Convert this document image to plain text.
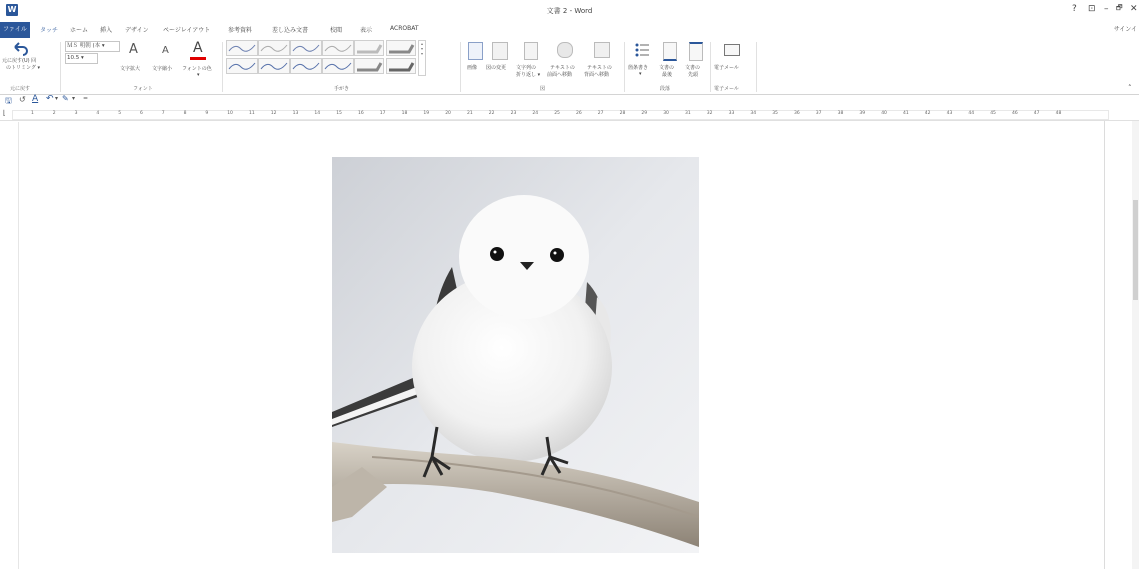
W	文書 2 - Word	? ⊡ – 🗗 ✕
ファイル	タッチ ホーム 挿入 デザイン ページレイアウト	参考資料	差し込み文書	校閲	表示	ACROBAT	サインイ
元に戻す(U) 回
のトリミング ▾
元に戻す
ＭＳ 明朝 (本 ▾
10.5 ▾
A
文字拡大
A
文字縮小
A
フォントの色
▾
フォント
▴
▾
▾
手がき
画像 図の変更 文字列の
折り返し ▾
テキストの
前面へ移動
テキストの
背面へ移動
図
箇条書き
▾
文書の
最後
文書の
先頭
段落
電子メール
電子メール	˄
🖫 ↺ A ↶ ▾ ✎ ▾ =
⌊	1	2	3	4	5	6	7	8	9	10	11	12	13	14	15	16	17	18	19	20	21	22	23	24	25	26	27	28	29	30	31	32	33	34	35	36	37	38	39	40	41	42	43	44	45	46	47	48
